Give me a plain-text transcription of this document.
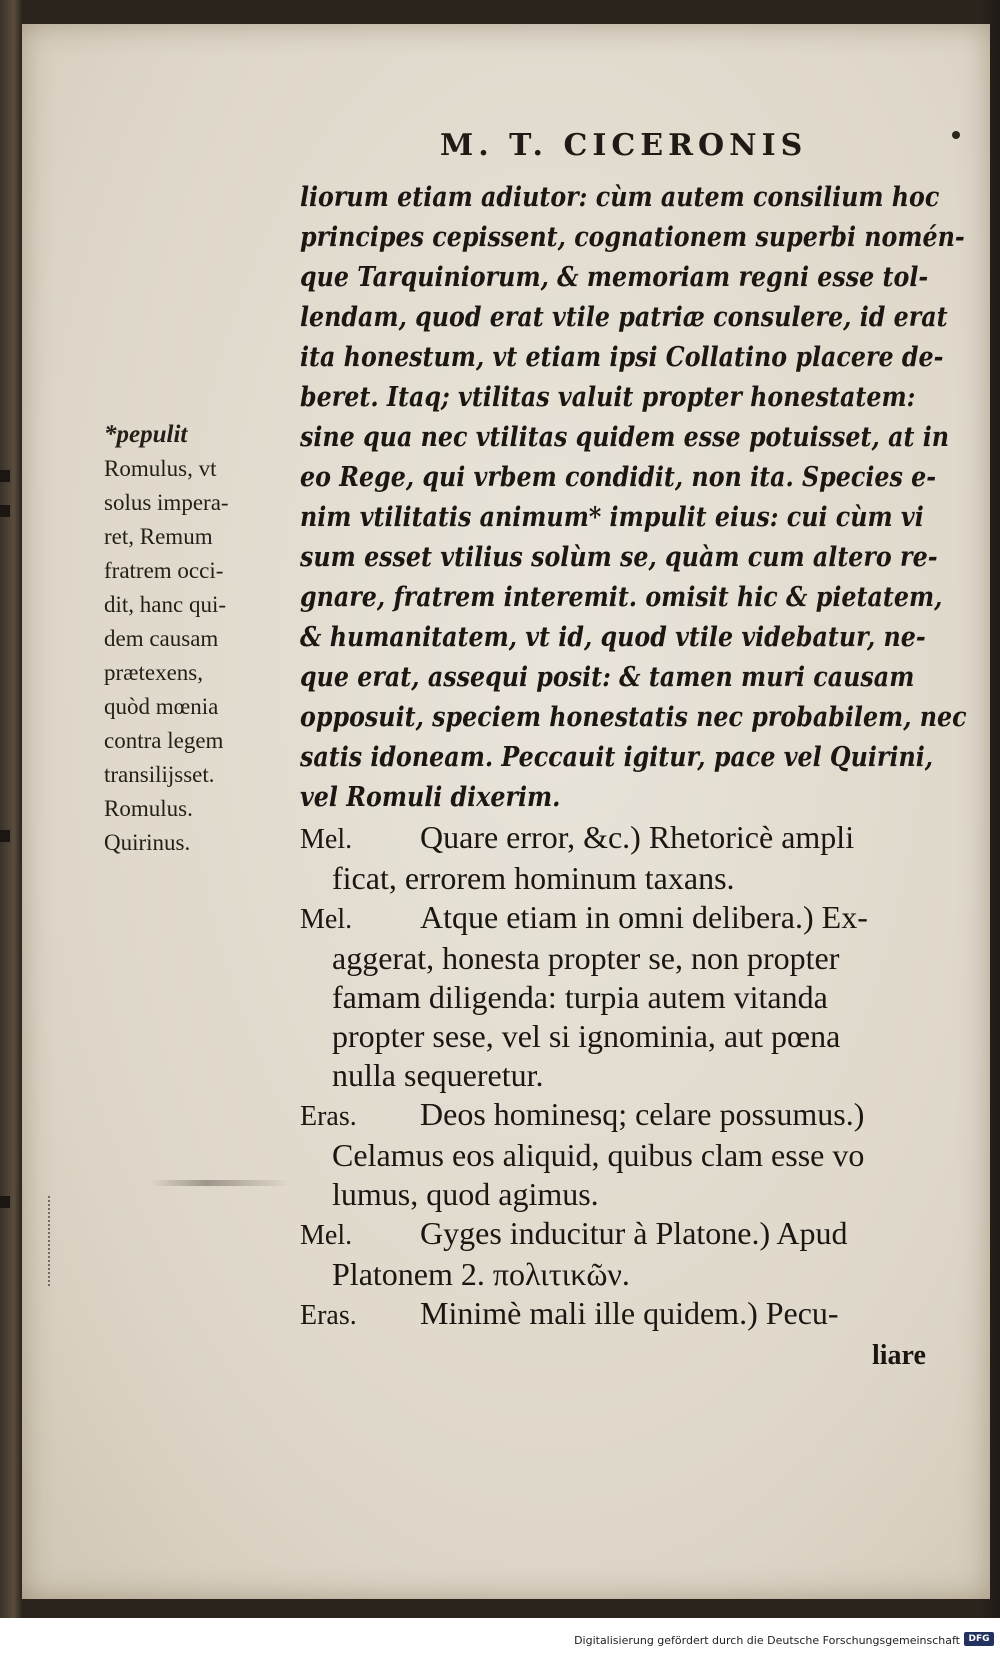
M. T. CICERONIS
*pepulit
Romulus, vt
solus impera-
ret, Remum
fratrem occi-
dit, hanc qui-
dem causam
prætexens,
quòd mœnia
contra legem
transilijsset.
Romulus.
Quirinus.
liorum etiam adiutor: cùm autem consilium hoc
principes cepissent, cognationem superbi nomén-
que Tarquiniorum, & memoriam regni esse tol-
lendam, quod erat vtile patriæ consulere, id erat
ita honestum, vt etiam ipsi Collatino placere de-
beret. Itaq; vtilitas valuit propter honestatem:
sine qua nec vtilitas quidem esse potuisset, at in
eo Rege, qui vrbem condidit, non ita. Species e-
nim vtilitatis animum* impulit eius: cui cùm vi
sum esset vtilius solùm se, quàm cum altero re-
gnare, fratrem interemit. omisit hic & pietatem,
& humanitatem, vt id, quod vtile videbatur, ne-
que erat, assequi posit: & tamen muri causam
opposuit, speciem honestatis nec probabilem, nec
satis idoneam. Peccauit igitur, pace vel Quirini,
vel Romuli dixerim.
Mel. Quare error, &c.) Rhetoricè ampli
ficat, errorem hominum taxans.
Mel. Atque etiam in omni delibera.) Ex-
aggerat, honesta propter se, non propter
famam diligenda: turpia autem vitanda
propter sese, vel si ignominia, aut pœna
nulla sequeretur.
Eras. Deos hominesq; celare possumus.)
Celamus eos aliquid, quibus clam esse vo
lumus, quod agimus.
Mel. Gyges inducitur à Platone.) Apud
Platonem 2. πολιτικῶν.
Eras. Minimè mali ille quidem.) Pecu-
liare
Digitalisierung gefördert durch die Deutsche Forschungsgemeinschaft DFG
